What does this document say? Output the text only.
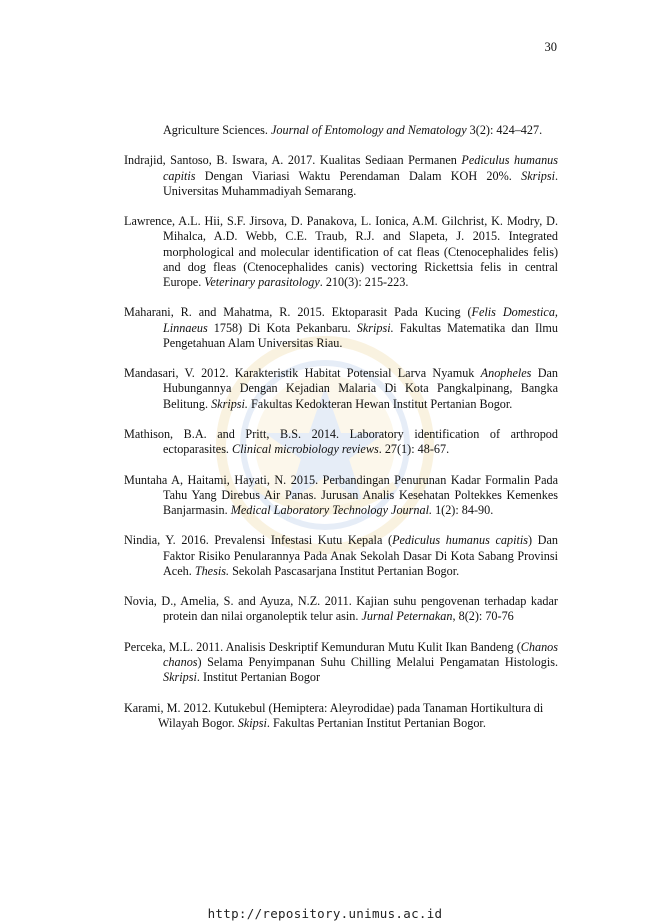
30

Agriculture Sciences. Journal of Entomology and Nematology 3(2): 424–427.

Indrajid, Santoso, B. Iswara, A. 2017. Kualitas Sediaan Permanen Pediculus humanus capitis Dengan Viariasi Waktu Perendaman Dalam KOH 20%. Skripsi. Universitas Muhammadiyah Semarang.

Lawrence, A.L. Hii, S.F. Jirsova, D. Panakova, L. Ionica, A.M. Gilchrist, K. Modry, D. Mihalca, A.D. Webb, C.E. Traub, R.J. and Slapeta, J. 2015. Integrated morphological and molecular identification of cat fleas (Ctenocephalides felis) and dog fleas (Ctenocephalides canis) vectoring Rickettsia felis in central Europe. Veterinary parasitology. 210(3): 215-223.

Maharani, R. and Mahatma, R. 2015. Ektoparasit Pada Kucing (Felis Domestica, Linnaeus 1758) Di Kota Pekanbaru. Skripsi. Fakultas Matematika dan Ilmu Pengetahuan Alam Universitas Riau.

Mandasari, V. 2012. Karakteristik Habitat Potensial Larva Nyamuk Anopheles Dan Hubungannya Dengan Kejadian Malaria Di Kota Pangkalpinang, Bangka Belitung. Skripsi. Fakultas Kedokteran Hewan Institut Pertanian Bogor.

Mathison, B.A. and Pritt, B.S. 2014. Laboratory identification of arthropod ectoparasites. Clinical microbiology reviews. 27(1): 48-67.

Muntaha A, Haitami, Hayati, N. 2015. Perbandingan Penurunan Kadar Formalin Pada Tahu Yang Direbus Air Panas. Jurusan Analis Kesehatan Poltekkes Kemenkes Banjarmasin. Medical Laboratory Technology Journal. 1(2): 84-90.

Nindia, Y. 2016. Prevalensi Infestasi Kutu Kepala (Pediculus humanus capitis) Dan Faktor Risiko Penularannya Pada Anak Sekolah Dasar Di Kota Sabang Provinsi Aceh. Thesis. Sekolah Pascasarjana Institut Pertanian Bogor.

Novia, D., Amelia, S. and Ayuza, N.Z. 2011. Kajian suhu pengovenan terhadap kadar protein dan nilai organoleptik telur asin. Jurnal Peternakan, 8(2): 70-76

Perceka, M.L. 2011. Analisis Deskriptif Kemunduran Mutu Kulit Ikan Bandeng (Chanos chanos) Selama Penyimpanan Suhu Chilling Melalui Pengamatan Histologis. Skripsi. Institut Pertanian Bogor

Karami, M. 2012. Kutukebul (Hemiptera: Aleyrodidae) pada Tanaman Hortikultura di Wilayah Bogor. Skipsi. Fakultas Pertanian Institut Pertanian Bogor.

http://repository.unimus.ac.id
